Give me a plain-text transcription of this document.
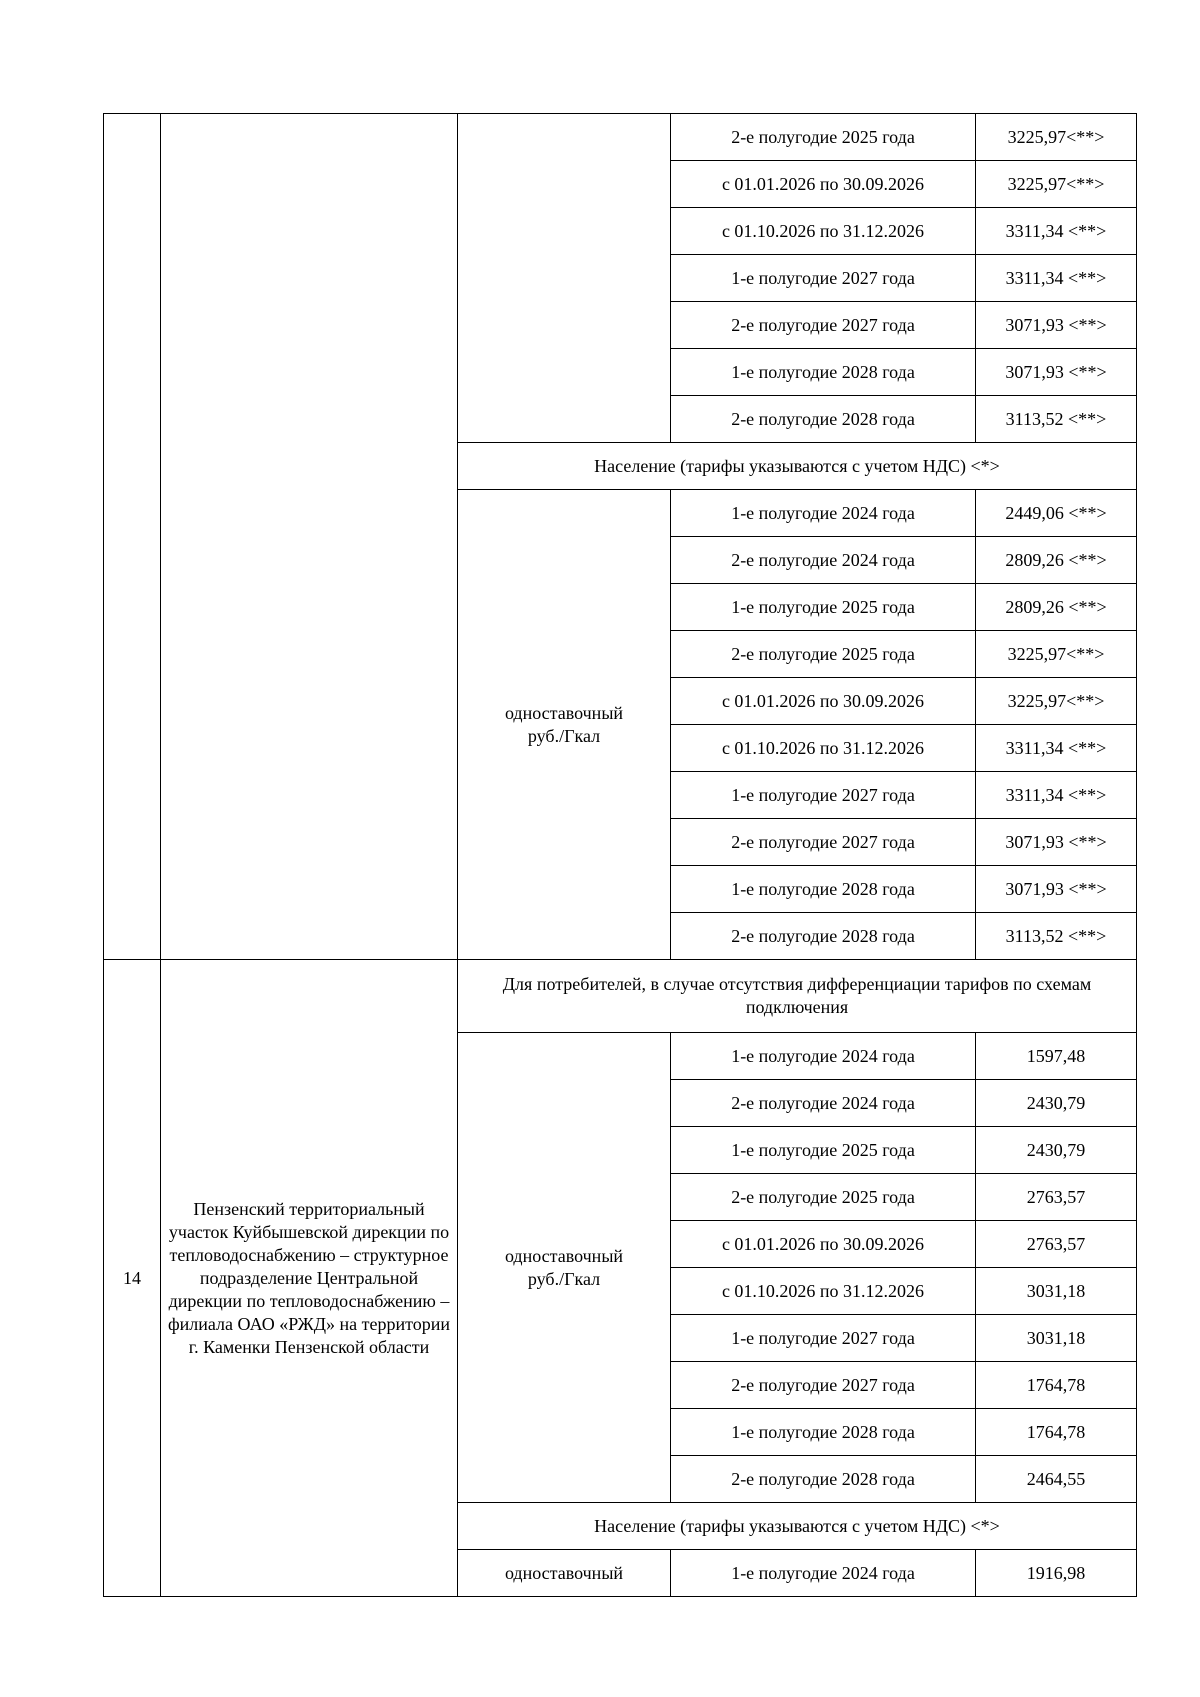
			2-е полугодие 2025 года	3225,97<**>
			с 01.01.2026 по 30.09.2026	3225,97<**>
			с 01.10.2026 по 31.12.2026	3311,34 <**>
			1-е полугодие 2027 года	3311,34 <**>
			2-е полугодие 2027 года	3071,93 <**>
			1-е полугодие 2028 года	3071,93 <**>
			2-е полугодие 2028 года	3113,52 <**>
		Население (тарифы указываются с учетом НДС) <*>		
		одноставочный
руб./Гкал	1-е полугодие 2024 года	2449,06 <**>
			2-е полугодие 2024 года	2809,26 <**>
			1-е полугодие 2025 года	2809,26 <**>
			2-е полугодие 2025 года	3225,97<**>
			с 01.01.2026 по 30.09.2026	3225,97<**>
			с 01.10.2026 по 31.12.2026	3311,34 <**>
			1-е полугодие 2027 года	3311,34 <**>
			2-е полугодие 2027 года	3071,93 <**>
			1-е полугодие 2028 года	3071,93 <**>
			2-е полугодие 2028 года	3113,52 <**>
14	Пензенский территориальный участок Куйбышевской дирекции по тепловодоснабжению – структурное подразделение Центральной дирекции по тепловодоснабжению – филиала ОАО «РЖД» на территории г. Каменки Пензенской области	Для потребителей, в случае отсутствия дифференциации тарифов по схемам подключения		
		одноставочный
руб./Гкал	1-е полугодие 2024 года	1597,48
			2-е полугодие 2024 года	2430,79
			1-е полугодие 2025 года	2430,79
			2-е полугодие 2025 года	2763,57
			с 01.01.2026 по 30.09.2026	2763,57
			с 01.10.2026 по 31.12.2026	3031,18
			1-е полугодие 2027 года	3031,18
			2-е полугодие 2027 года	1764,78
			1-е полугодие 2028 года	1764,78
			2-е полугодие 2028 года	2464,55
		Население (тарифы указываются с учетом НДС) <*>		
		одноставочный	1-е полугодие 2024 года	1916,98
